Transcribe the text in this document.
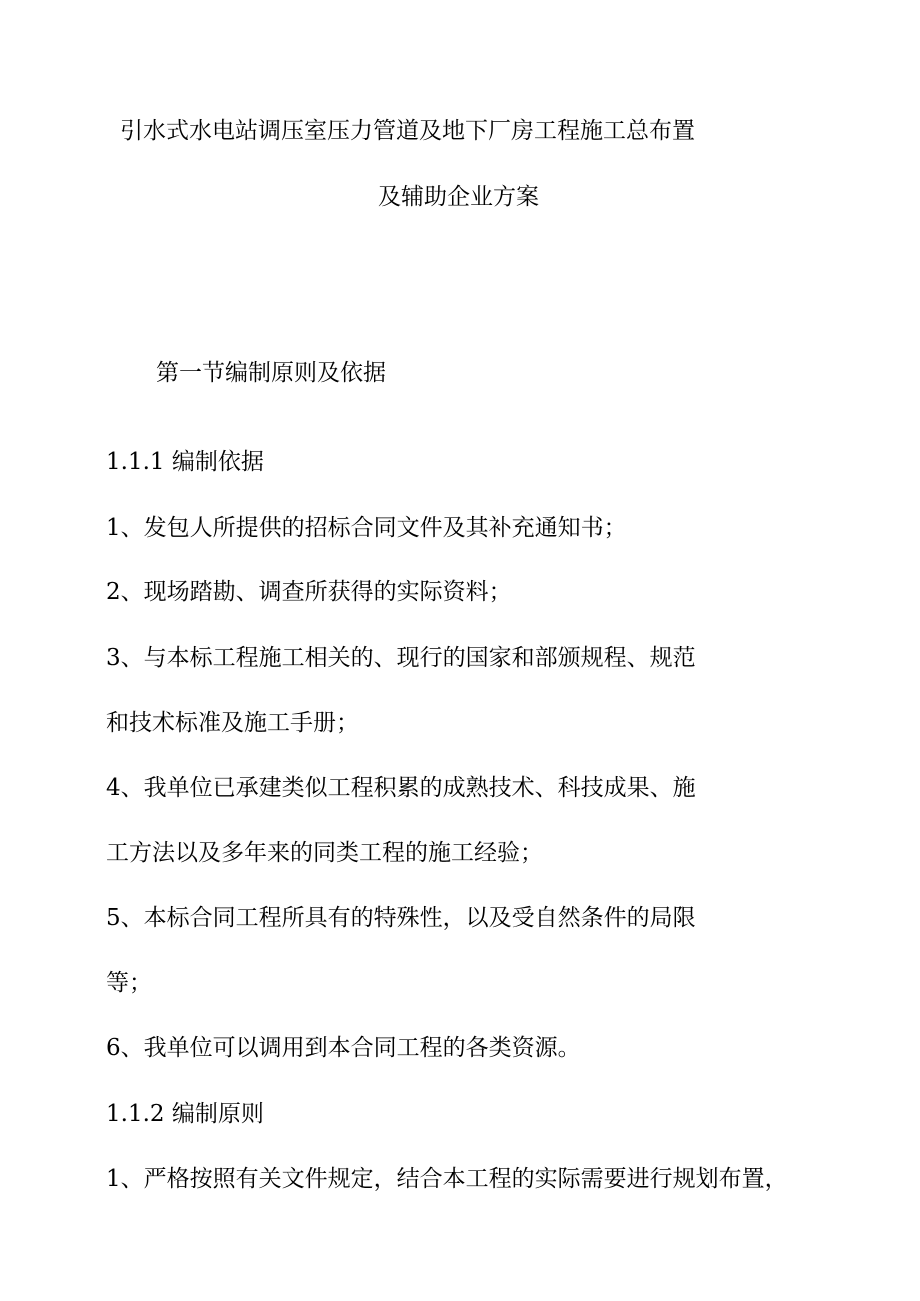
引水式水电站调压室压力管道及地下厂房工程施工总布置

及辅助企业方案

第一节编制原则及依据

1.1.1 编制依据

1、发包人所提供的招标合同文件及其补充通知书；

2、现场踏勘、调查所获得的实际资料；

3、与本标工程施工相关的、现行的国家和部颁规程、规范

和技术标准及施工手册；

4、我单位已承建类似工程积累的成熟技术、科技成果、施

工方法以及多年来的同类工程的施工经验；

5、本标合同工程所具有的特殊性，以及受自然条件的局限

等；

6、我单位可以调用到本合同工程的各类资源。

1.1.2 编制原则

1、严格按照有关文件规定，结合本工程的实际需要进行规划布置，
